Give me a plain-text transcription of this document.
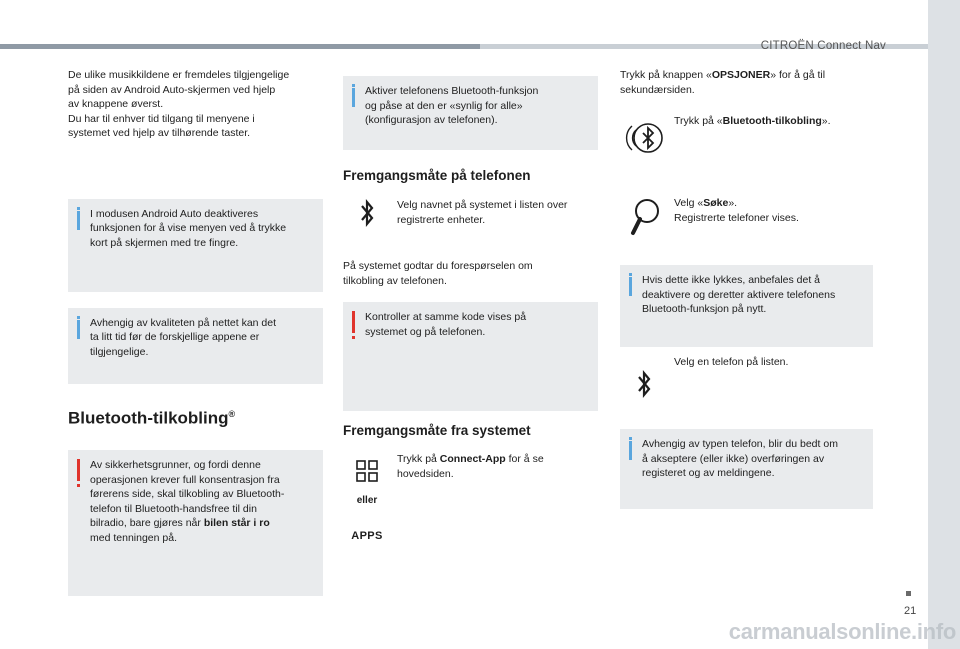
CITROËN Connect Nav
De ulike musikkildene er fremdeles tilgjengelige
på siden av Android Auto-skjermen ved hjelp
av knappene øverst.
Du har til enhver tid tilgang til menyene i
systemet ved hjelp av tilhørende taster.
I modusen Android Auto deaktiveres
funksjonen for å vise menyen ved å trykke
kort på skjermen med tre fingre.
Avhengig av kvaliteten på nettet kan det
ta litt tid før de forskjellige appene er
tilgjengelige.
Bluetooth-tilkobling®
Av sikkerhetsgrunner, og fordi denne
operasjonen krever full konsentrasjon fra
førerens side, skal tilkobling av Bluetooth-
telefon til Bluetooth-handsfree til din
bilradio, bare gjøres når bilen står i ro
med tenningen på.
Aktiver telefonens Bluetooth-funksjon
og påse at den er «synlig for alle»
(konfigurasjon av telefonen).
Fremgangsmåte på telefonen
Velg navnet på systemet i listen over
registrerte enheter.
På systemet godtar du forespørselen om
tilkobling av telefonen.
Kontroller at samme kode vises på
systemet og på telefonen.
Fremgangsmåte fra systemet
eller
APPS
Trykk på Connect-App for å se
hovedsiden.
Trykk på knappen «OPSJONER» for å gå til
sekundærsiden.
Trykk på «Bluetooth-tilkobling».
Velg «Søke».
Registrerte telefoner vises.
Hvis dette ikke lykkes, anbefales det å
deaktivere og deretter aktivere telefonens
Bluetooth-funksjon på nytt.
Velg en telefon på listen.
Avhengig av typen telefon, blir du bedt om
å akseptere (eller ikke) overføringen av
registeret og av meldingene.
21
carmanualsonline.info
